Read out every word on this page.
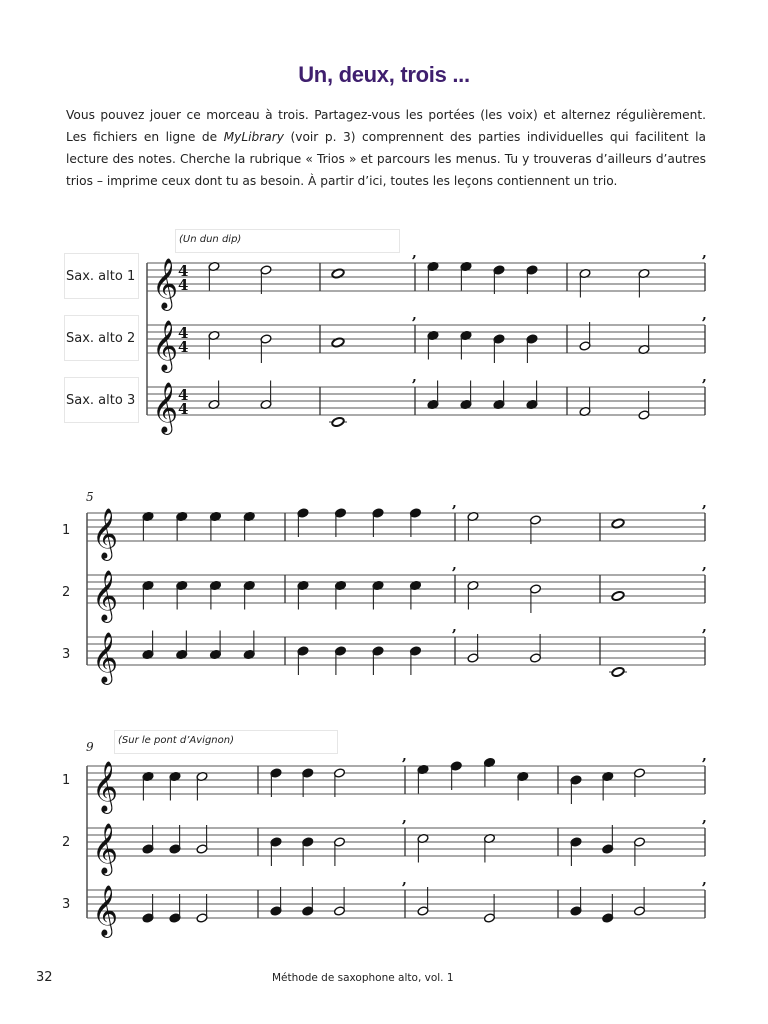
Un, deux, trois ...
Vous pouvez jouer ce morceau à trois. Partagez-vous les portées (les voix) et alternez régulièrement. Les fichiers en ligne de MyLibrary (voir p. 3) comprennent des parties individuelles qui facilitent la lecture des notes. Cherche la rubrique « Trios » et parcours les menus. Tu y trouveras d’ailleurs d’autres trios – imprime ceux dont tu as besoin. À partir d’ici, toutes les leçons contiennent un trio.
(Un dun dip)
Sax. alto 1
Sax. alto 2
Sax. alto 3
5
1
2
3
9	(Sur le pont d’Avignon)
1
2
3
𝄞 4
4
,	,
𝄞 4
4
,	,
𝄞 4
4
,	,
𝄞
,	,
𝄞
,	,
𝄞
,	,
𝄞
,	,
𝄞
,	,
𝄞
,	,
32	Méthode de saxophone alto, vol. 1
